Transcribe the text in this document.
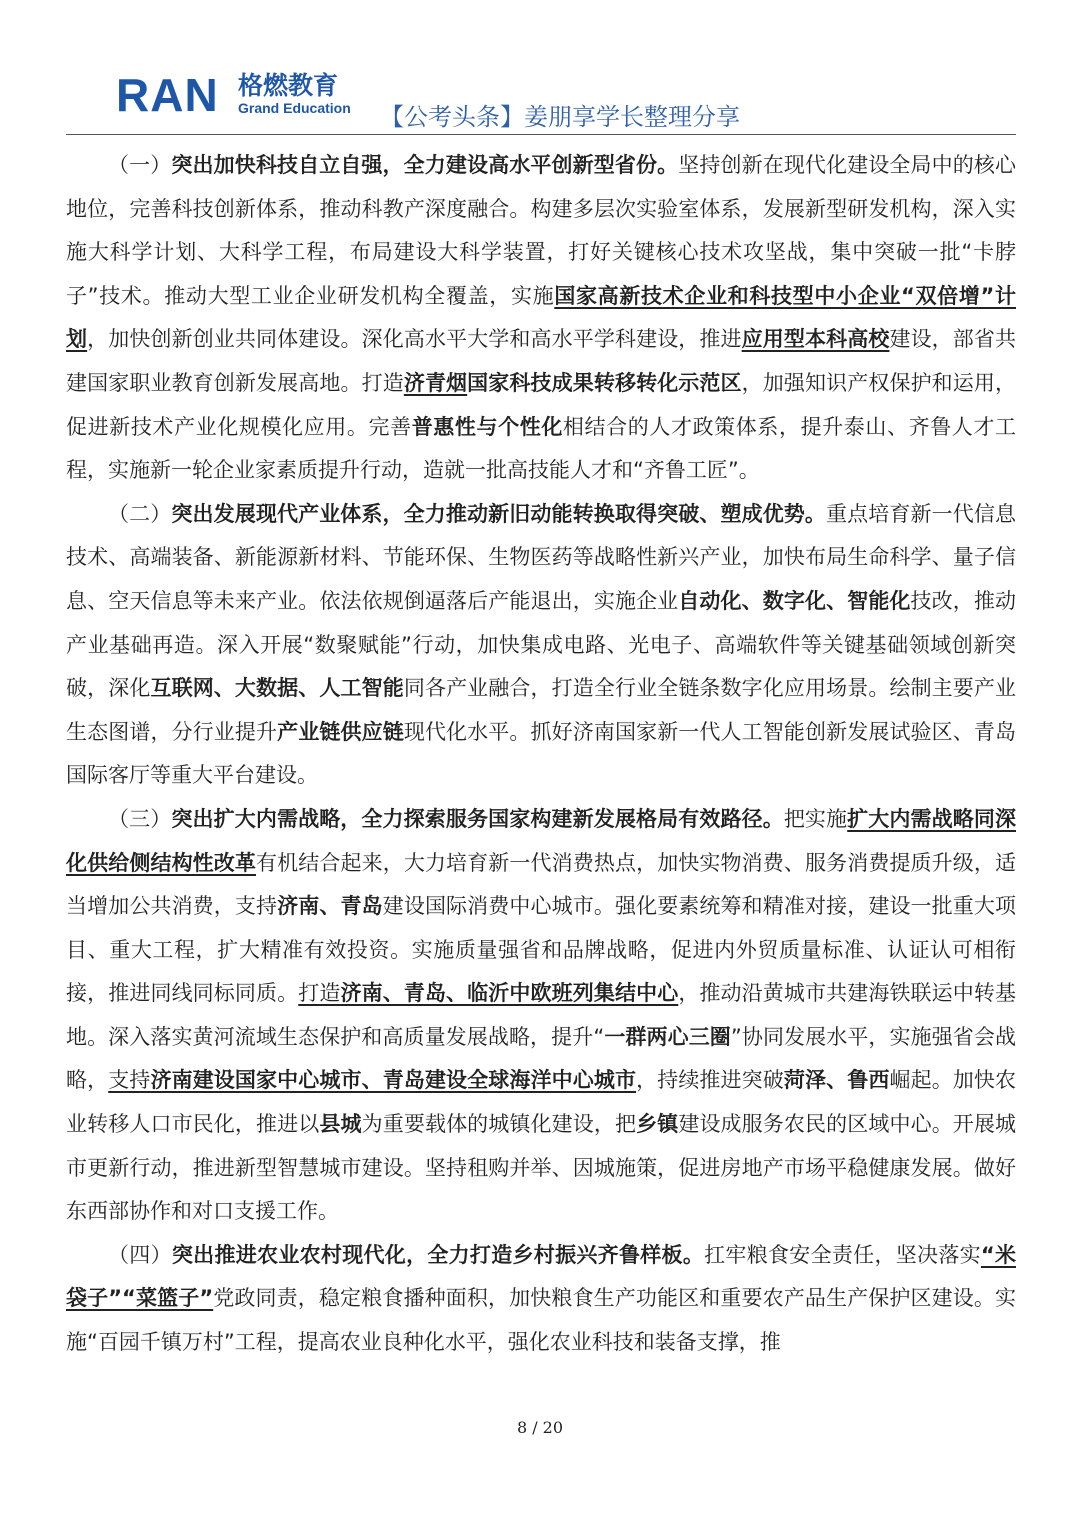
RAN 格燃教育
Grand Education 【公考头条】姜朋享学长整理分享

（一）突出加快科技自立自强，全力建设高水平创新型省份。坚持创新在现代化建设全局中的核心地位，完善科技创新体系，推动科教产深度融合。构建多层次实验室体系，发展新型研发机构，深入实施大科学计划、大科学工程，布局建设大科学装置，打好关键核心技术攻坚战，集中突破一批“卡脖子”技术。推动大型工业企业研发机构全覆盖，实施国家高新技术企业和科技型中小企业“双倍增”计划，加快创新创业共同体建设。深化高水平大学和高水平学科建设，推进应用型本科高校建设，部省共建国家职业教育创新发展高地。打造济青烟国家科技成果转移转化示范区，加强知识产权保护和运用，促进新技术产业化规模化应用。完善普惠性与个性化相结合的人才政策体系，提升泰山、齐鲁人才工程，实施新一轮企业家素质提升行动，造就一批高技能人才和“齐鲁工匠”。

（二）突出发展现代产业体系，全力推动新旧动能转换取得突破、塑成优势。重点培育新一代信息技术、高端装备、新能源新材料、节能环保、生物医药等战略性新兴产业，加快布局生命科学、量子信息、空天信息等未来产业。依法依规倒逼落后产能退出，实施企业自动化、数字化、智能化技改，推动产业基础再造。深入开展“数聚赋能”行动，加快集成电路、光电子、高端软件等关键基础领域创新突破，深化互联网、大数据、人工智能同各产业融合，打造全行业全链条数字化应用场景。绘制主要产业生态图谱，分行业提升产业链供应链现代化水平。抓好济南国家新一代人工智能创新发展试验区、青岛国际客厅等重大平台建设。

（三）突出扩大内需战略，全力探索服务国家构建新发展格局有效路径。把实施扩大内需战略同深化供给侧结构性改革有机结合起来，大力培育新一代消费热点，加快实物消费、服务消费提质升级，适当增加公共消费，支持济南、青岛建设国际消费中心城市。强化要素统筹和精准对接，建设一批重大项目、重大工程，扩大精准有效投资。实施质量强省和品牌战略，促进内外贸质量标准、认证认可相衔接，推进同线同标同质。打造济南、青岛、临沂中欧班列集结中心，推动沿黄城市共建海铁联运中转基地。深入落实黄河流域生态保护和高质量发展战略，提升“一群两心三圈”协同发展水平，实施强省会战略，支持济南建设国家中心城市、青岛建设全球海洋中心城市，持续推进突破菏泽、鲁西崛起。加快农业转移人口市民化，推进以县城为重要载体的城镇化建设，把乡镇建设成服务农民的区域中心。开展城市更新行动，推进新型智慧城市建设。坚持租购并举、因城施策，促进房地产市场平稳健康发展。做好东西部协作和对口支援工作。

（四）突出推进农业农村现代化，全力打造乡村振兴齐鲁样板。扛牢粮食安全责任，坚决落实“米袋子”“菜篮子”党政同责，稳定粮食播种面积，加快粮食生产功能区和重要农产品生产保护区建设。实施“百园千镇万村”工程，提高农业良种化水平，强化农业科技和装备支撑，推

8 / 20
